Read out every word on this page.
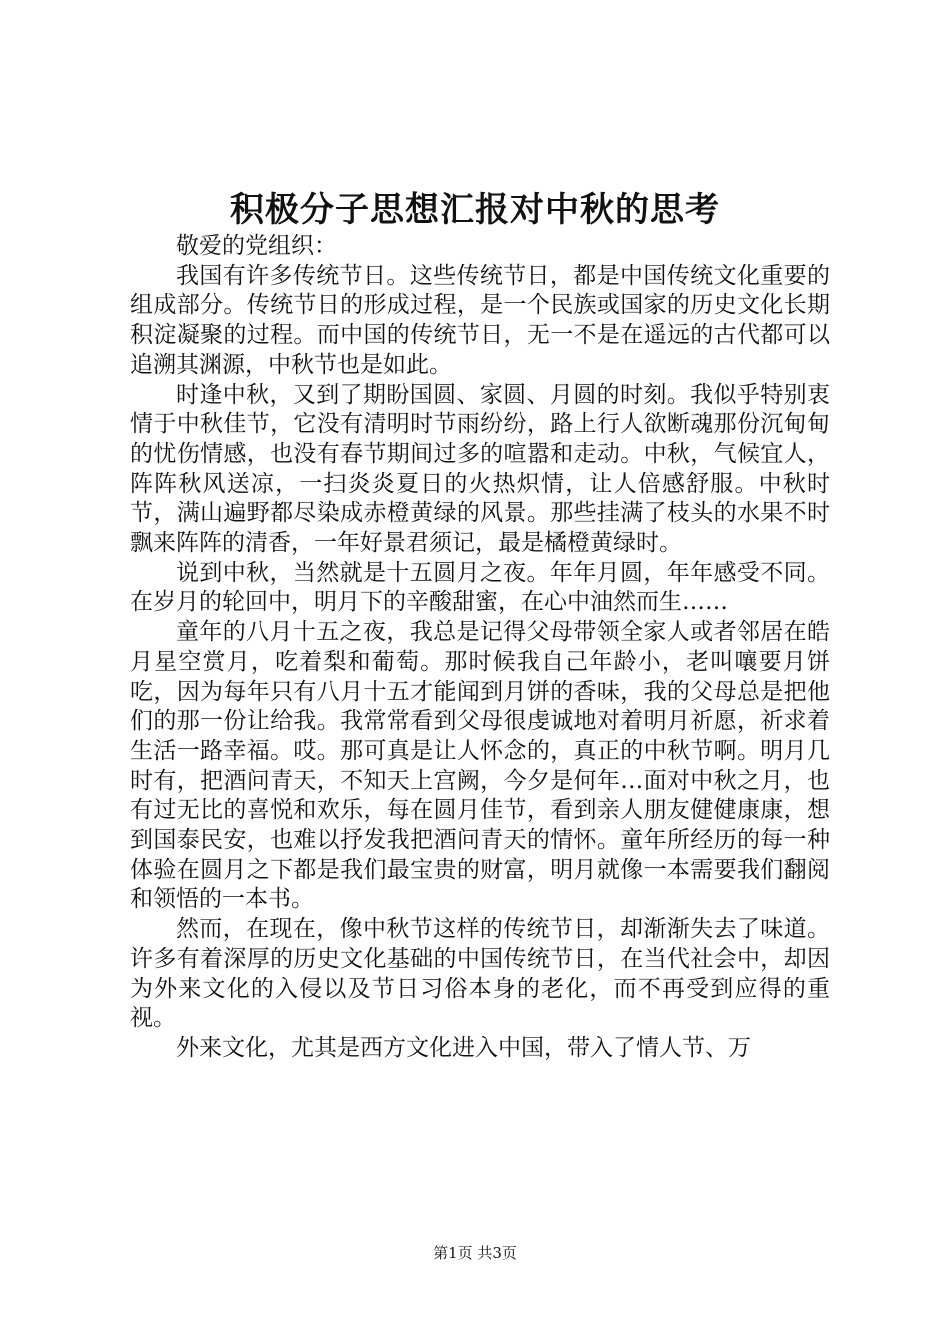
积极分子思想汇报对中秋的思考

敬爱的党组织：

我国有许多传统节日。这些传统节日，都是中国传统文化重要的组成部分。传统节日的形成过程，是一个民族或国家的历史文化长期积淀凝聚的过程。而中国的传统节日，无一不是在遥远的古代都可以追溯其渊源，中秋节也是如此。

时逢中秋，又到了期盼国圆、家圆、月圆的时刻。我似乎特别衷情于中秋佳节，它没有清明时节雨纷纷，路上行人欲断魂那份沉甸甸的忧伤情感，也没有春节期间过多的喧嚣和走动。中秋，气候宜人，阵阵秋风送凉，一扫炎炎夏日的火热炽情，让人倍感舒服。中秋时节，满山遍野都尽染成赤橙黄绿的风景。那些挂满了枝头的水果不时飘来阵阵的清香，一年好景君须记，最是橘橙黄绿时。

说到中秋，当然就是十五圆月之夜。年年月圆，年年感受不同。在岁月的轮回中，明月下的辛酸甜蜜，在心中油然而生……

童年的八月十五之夜，我总是记得父母带领全家人或者邻居在皓月星空赏月，吃着梨和葡萄。那时候我自己年龄小，老叫嚷要月饼吃，因为每年只有八月十五才能闻到月饼的香味，我的父母总是把他们的那一份让给我。我常常看到父母很虔诚地对着明月祈愿，祈求着生活一路幸福。哎。那可真是让人怀念的，真正的中秋节啊。明月几时有，把酒问青天，不知天上宫阙，今夕是何年…面对中秋之月，也有过无比的喜悦和欢乐，每在圆月佳节，看到亲人朋友健健康康，想到国泰民安，也难以抒发我把酒问青天的情怀。童年所经历的每一种体验在圆月之下都是我们最宝贵的财富，明月就像一本需要我们翻阅和领悟的一本书。

然而，在现在，像中秋节这样的传统节日，却渐渐失去了味道。许多有着深厚的历史文化基础的中国传统节日，在当代社会中，却因为外来文化的入侵以及节日习俗本身的老化，而不再受到应得的重视。

外来文化，尤其是西方文化进入中国，带入了情人节、万

第1页 共3页
